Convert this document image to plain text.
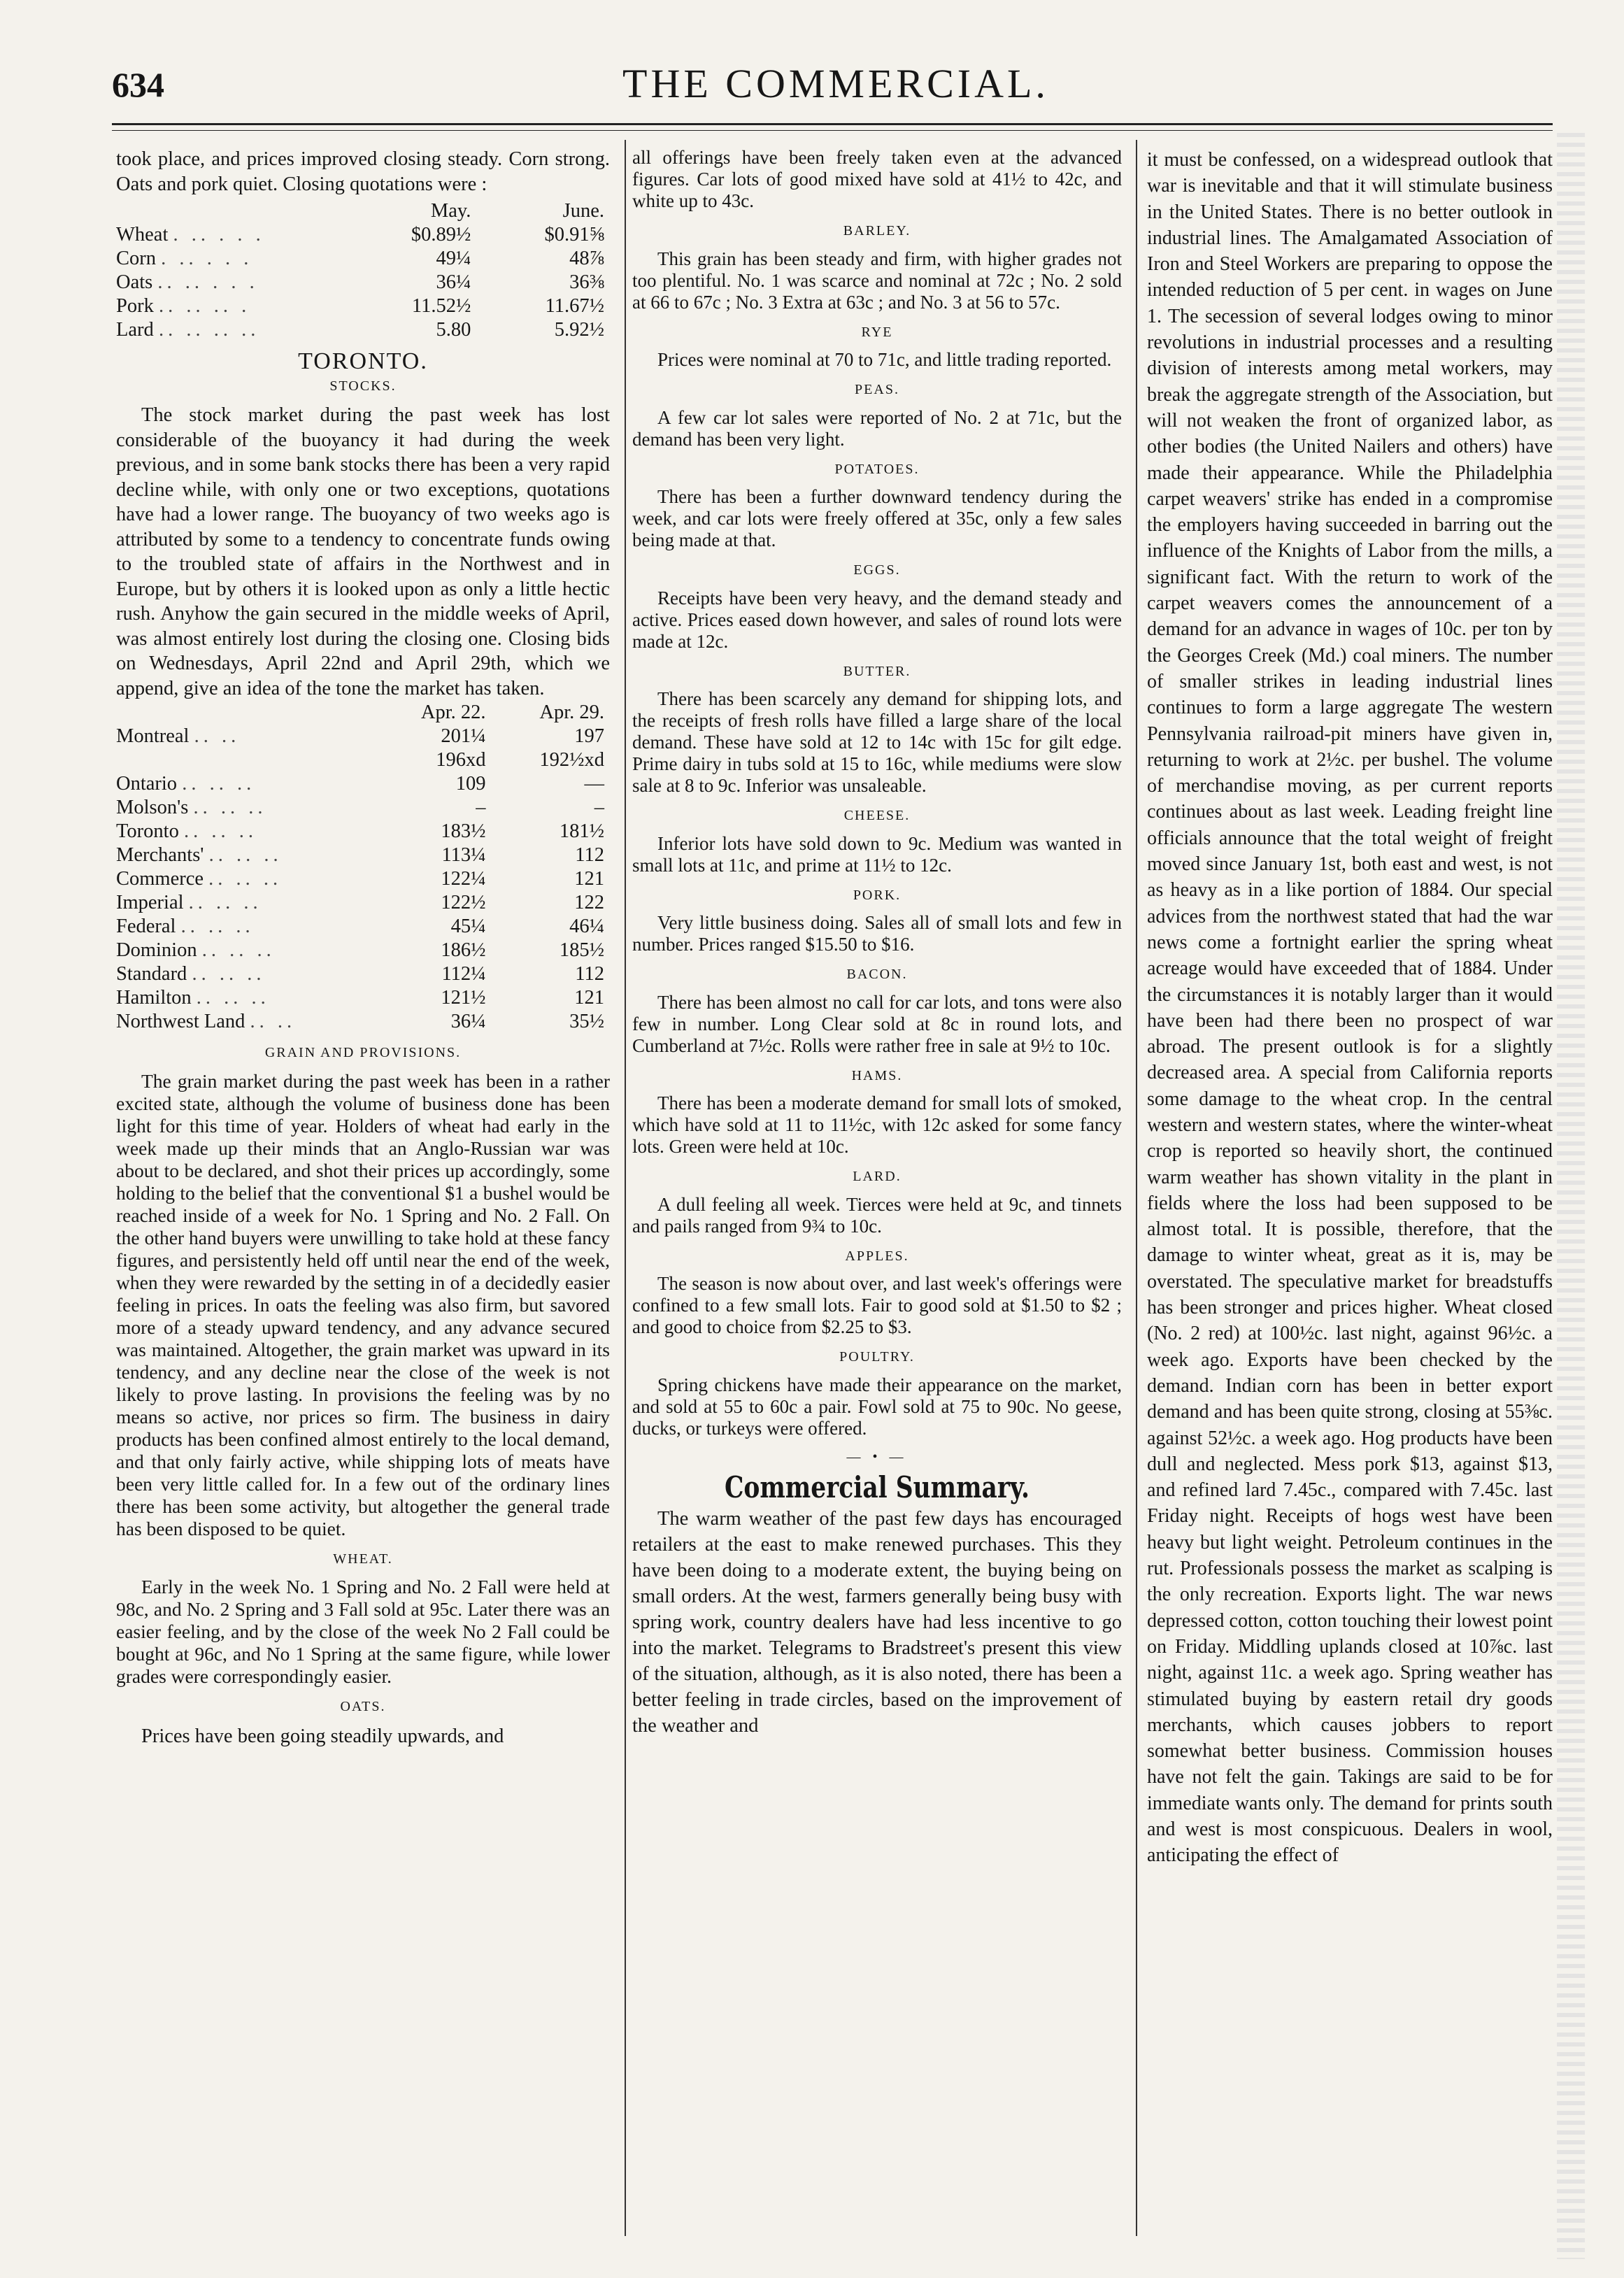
634	THE COMMERCIAL.

took place, and prices improved closing steady. Corn strong. Oats and pork quiet. Closing quotations were :

	May.	June.
Wheat . .. . . .	$0.89½	$0.91⅝
Corn . .. . . .	49¼	48⅞
Oats .. .. . . .	36¼	36⅜
Pork .. .. .. .	11.52½	11.67½
Lard .. .. .. ..	5.80	5.92½
TORONTO.
STOCKS.

The stock market during the past week has lost considerable of the buoyancy it had during the week previous, and in some bank stocks there has been a very rapid decline while, with only one or two exceptions, quotations have had a lower range. The buoyancy of two weeks ago is attributed by some to a tendency to concentrate funds owing to the troubled state of affairs in the Northwest and in Europe, but by others it is looked upon as only a little hectic rush. Anyhow the gain secured in the middle weeks of April, was almost entirely lost during the closing one. Closing bids on Wednesdays, April 22nd and April 29th, which we append, give an idea of the tone the market has taken.

	Apr. 22.	Apr. 29.
Montreal .. ..	201¼	197
	196xd	192½xd
Ontario .. .. ..	109	—
Molson's .. .. ..	–	–
Toronto .. .. ..	183½	181½
Merchants' .. .. ..	113¼	112
Commerce .. .. ..	122¼	121
Imperial .. .. ..	122½	122
Federal .. .. ..	45¼	46¼
Dominion .. .. ..	186½	185½
Standard .. .. ..	112¼	112
Hamilton .. .. ..	121½	121
Northwest Land .. ..	36¼	35½
GRAIN AND PROVISIONS.

The grain market during the past week has been in a rather excited state, although the volume of business done has been light for this time of year. Holders of wheat had early in the week made up their minds that an Anglo-Russian war was about to be declared, and shot their prices up accordingly, some holding to the belief that the conventional $1 a bushel would be reached inside of a week for No. 1 Spring and No. 2 Fall. On the other hand buyers were unwilling to take hold at these fancy figures, and persistently held off until near the end of the week, when they were rewarded by the setting in of a decidedly easier feeling in prices. In oats the feeling was also firm, but savored more of a steady upward tendency, and any advance secured was maintained. Altogether, the grain market was upward in its tendency, and any decline near the close of the week is not likely to prove lasting. In provisions the feeling was by no means so active, nor prices so firm. The business in dairy products has been confined almost entirely to the local demand, and that only fairly active, while shipping lots of meats have been very little called for. In a few out of the ordinary lines there has been some activity, but altogether the general trade has been disposed to be quiet.

WHEAT.

Early in the week No. 1 Spring and No. 2 Fall were held at 98c, and No. 2 Spring and 3 Fall sold at 95c. Later there was an easier feeling, and by the close of the week No 2 Fall could be bought at 96c, and No 1 Spring at the same figure, while lower grades were correspondingly easier.

OATS.

Prices have been going steadily upwards, and

all offerings have been freely taken even at the advanced figures. Car lots of good mixed have sold at 41½ to 42c, and white up to 43c.

BARLEY.

This grain has been steady and firm, with higher grades not too plentiful. No. 1 was scarce and nominal at 72c ; No. 2 sold at 66 to 67c ; No. 3 Extra at 63c ; and No. 3 at 56 to 57c.

RYE

Prices were nominal at 70 to 71c, and little trading reported.

PEAS.

A few car lot sales were reported of No. 2 at 71c, but the demand has been very light.

POTATOES.

There has been a further downward tendency during the week, and car lots were freely offered at 35c, only a few sales being made at that.

EGGS.

Receipts have been very heavy, and the demand steady and active. Prices eased down however, and sales of round lots were made at 12c.

BUTTER.

There has been scarcely any demand for shipping lots, and the receipts of fresh rolls have filled a large share of the local demand. These have sold at 12 to 14c with 15c for gilt edge. Prime dairy in tubs sold at 15 to 16c, while mediums were slow sale at 8 to 9c. Inferior was unsaleable.

CHEESE.

Inferior lots have sold down to 9c. Medium was wanted in small lots at 11c, and prime at 11½ to 12c.

PORK.

Very little business doing. Sales all of small lots and few in number. Prices ranged $15.50 to $16.

BACON.

There has been almost no call for car lots, and tons were also few in number. Long Clear sold at 8c in round lots, and Cumberland at 7½c. Rolls were rather free in sale at 9½ to 10c.

HAMS.

There has been a moderate demand for small lots of smoked, which have sold at 11 to 11½c, with 12c asked for some fancy lots. Green were held at 10c.

LARD.

A dull feeling all week. Tierces were held at 9c, and tinnets and pails ranged from 9¾ to 10c.

APPLES.

The season is now about over, and last week's offerings were confined to a few small lots. Fair to good sold at $1.50 to $2 ; and good to choice from $2.25 to $3.

POULTRY.

Spring chickens have made their appearance on the market, and sold at 55 to 60c a pair. Fowl sold at 75 to 90c. No geese, ducks, or turkeys were offered.

— • —
Commercial Summary.

The warm weather of the past few days has encouraged retailers at the east to make renewed purchases. This they have been doing to a moderate extent, the buying being on small orders. At the west, farmers generally being busy with spring work, country dealers have had less incentive to go into the market. Telegrams to Bradstreet's present this view of the situation, although, as it is also noted, there has been a better feeling in trade circles, based on the improvement of the weather and

it must be confessed, on a widespread outlook that war is inevitable and that it will stimulate business in the United States. There is no better outlook in industrial lines. The Amalgamated Association of Iron and Steel Workers are preparing to oppose the intended reduction of 5 per cent. in wages on June 1. The secession of several lodges owing to minor revolutions in industrial processes and a resulting division of interests among metal workers, may break the aggregate strength of the Association, but will not weaken the front of organized labor, as other bodies (the United Nailers and others) have made their appearance. While the Philadelphia carpet weavers' strike has ended in a compromise the employers having succeeded in barring out the influence of the Knights of Labor from the mills, a significant fact. With the return to work of the carpet weavers comes the announcement of a demand for an advance in wages of 10c. per ton by the Georges Creek (Md.) coal miners. The number of smaller strikes in leading industrial lines continues to form a large aggregate The western Pennsylvania railroad-pit miners have given in, returning to work at 2½c. per bushel. The volume of merchandise moving, as per current reports continues about as last week. Leading freight line officials announce that the total weight of freight moved since January 1st, both east and west, is not as heavy as in a like portion of 1884. Our special advices from the northwest stated that had the war news come a fortnight earlier the spring wheat acreage would have exceeded that of 1884. Under the circumstances it is notably larger than it would have been had there been no prospect of war abroad. The present outlook is for a slightly decreased area. A special from California reports some damage to the wheat crop. In the central western and western states, where the winter-wheat crop is reported so heavily short, the continued warm weather has shown vitality in the plant in fields where the loss had been supposed to be almost total. It is possible, therefore, that the damage to winter wheat, great as it is, may be overstated. The speculative market for breadstuffs has been stronger and prices higher. Wheat closed (No. 2 red) at 100½c. last night, against 96½c. a week ago. Exports have been checked by the demand. Indian corn has been in better export demand and has been quite strong, closing at 55⅜c. against 52½c. a week ago. Hog products have been dull and neglected. Mess pork $13, against $13, and refined lard 7.45c., compared with 7.45c. last Friday night. Receipts of hogs west have been heavy but light weight. Petroleum continues in the rut. Professionals possess the market as scalping is the only recreation. Exports light. The war news depressed cotton, cotton touching their lowest point on Friday. Middling uplands closed at 10⅞c. last night, against 11c. a week ago. Spring weather has stimulated buying by eastern retail dry goods merchants, which causes jobbers to report somewhat better business. Commission houses have not felt the gain. Takings are said to be for immediate wants only. The demand for prints south and west is most conspicuous. Dealers in wool, anticipating the effect of
